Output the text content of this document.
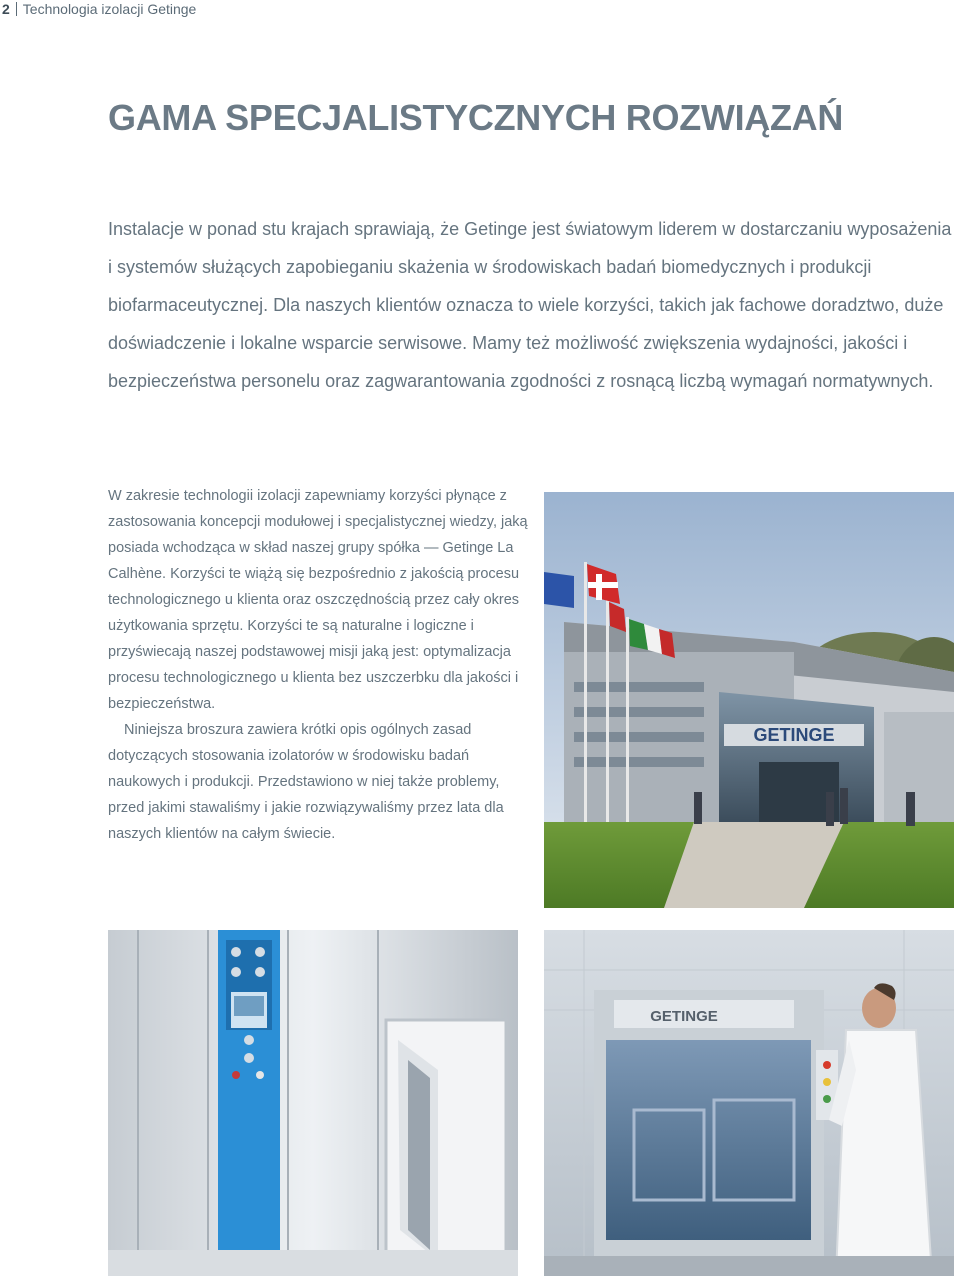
2 Technologia izolacji Getinge
GAMA SPECJALISTYCZNYCH ROZWIĄZAŃ

Instalacje w ponad stu krajach sprawiają, że Getinge jest światowym liderem w dostarczaniu wyposażenia i systemów służących zapobieganiu skażenia w środowiskach badań biomedycznych i produkcji biofarmaceutycznej. Dla naszych klientów oznacza to wiele korzyści, takich jak fachowe doradztwo, duże doświadczenie i lokalne wsparcie serwisowe. Mamy też możliwość zwiększenia wydajności, jakości i bezpieczeństwa personelu oraz zagwarantowania zgodności z rosnącą liczbą wymagań normatywnych.

W zakresie technologii izolacji zapewniamy korzyści płynące z zastosowania koncepcji modułowej i specjalistycznej wiedzy, jaką posiada wchodząca w skład naszej grupy spółka — Getinge La Calhène. Korzyści te wiążą się bezpośrednio z jakością procesu technologicznego u klienta oraz oszczędnością przez cały okres użytkowania sprzętu. Korzyści te są naturalne i logiczne i przyświecają naszej podstawowej misji jaką jest: optymalizacja procesu technologicznego u klienta bez uszczerbku dla jakości i bezpieczeństwa.

Niniejsza broszura zawiera krótki opis ogólnych zasad dotyczących stosowania izolatorów w środowisku badań naukowych i produkcji. Przedstawiono w niej także problemy, przed jakimi stawaliśmy i jakie rozwiązywaliśmy przez lata dla naszych klientów na całym świecie.

GETINGE
GETINGE
